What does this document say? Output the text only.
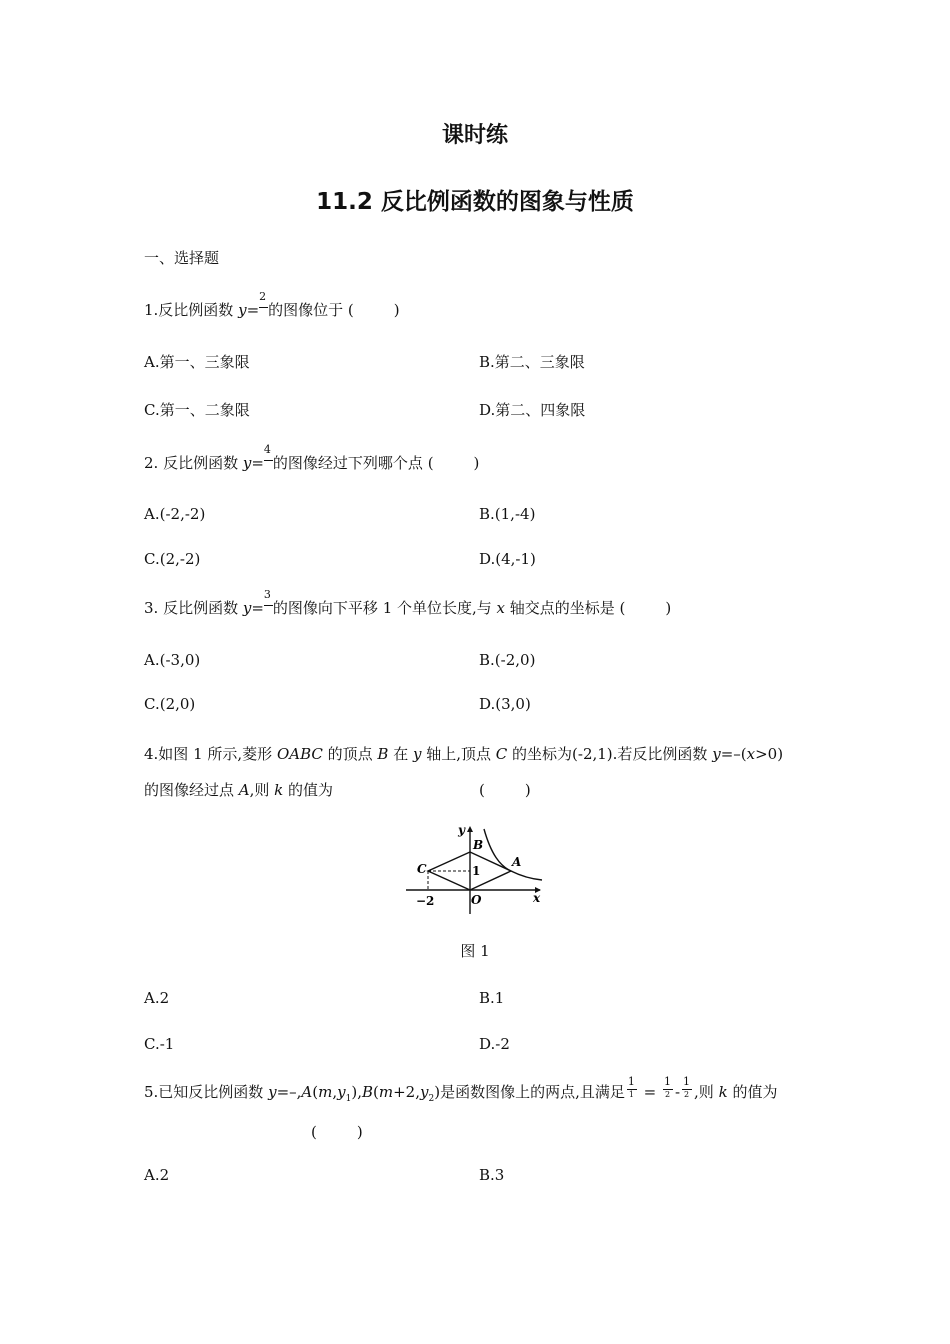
课时练
11.2 反比例函数的图象与性质
一、选择题
1.反比例函数 y=
2
的图像位于 (	)
A.第一、三象限	B.第二、三象限
C.第一、二象限	D.第二、四象限
2. 反比例函数 y=
4
的图像经过下列哪个点 (	)
A.(-2,-2)	B.(1,-4)
C.(2,-2)	D.(4,-1)
3. 反比例函数 y=
3
的图像向下平移 1 个单位长度,与 x 轴交点的坐标是 (	)
A.(-3,0)	B.(-2,0)
C.(2,0)	D.(3,0)
4.如图 1 所示,菱形 OABC 的顶点 B 在 y 轴上,顶点 C 的坐标为(-2,1).若反比例函数 y=–(x>0)
的图像经过点 A,则 k 的值为	(	)
y
x
B
A
C
O
1
−2
图 1
A.2	B.1
C.-1	D.-2
5.已知反比例函数 $y=-,A(m,y_1),B(m+2,y_2)$是函数图像上的两点,且满足 $\frac{1}{1} = \frac{1}{2} - \frac{1}{2}$ ,则 k 的值为
(	)
A.2	B.3
